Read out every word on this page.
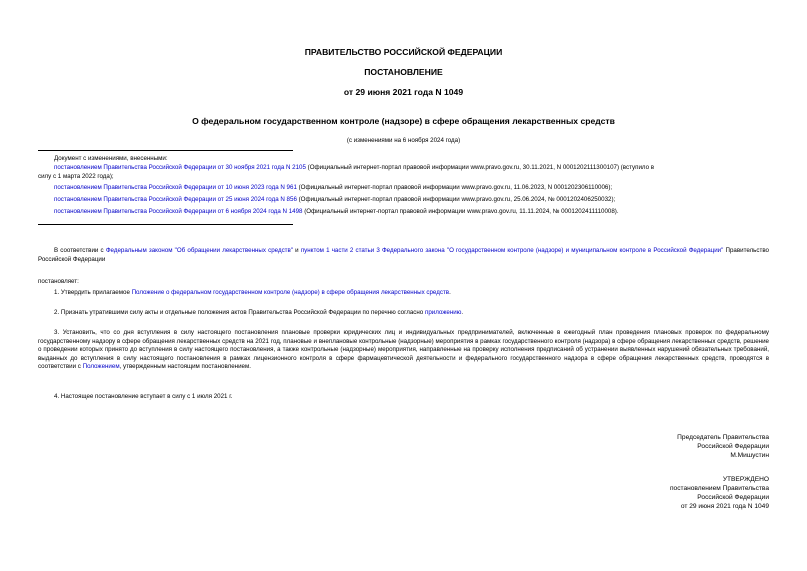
ПРАВИТЕЛЬСТВО РОССИЙСКОЙ ФЕДЕРАЦИИ
ПОСТАНОВЛЕНИЕ
от 29 июня 2021 года N 1049
О федеральном государственном контроле (надзоре) в сфере обращения лекарственных средств
(с изменениями на 6 ноября 2024 года)
Документ с изменениями, внесенными:
постановлением Правительства Российской Федерации от 30 ноября 2021 года N 2105 (Официальный интернет-портал правовой информации www.pravo.gov.ru, 30.11.2021, N 0001202111300107) (вступило в
силу с 1 марта 2022 года);
постановлением Правительства Российской Федерации от 10 июня 2023 года N 961 (Официальный интернет-портал правовой информации www.pravo.gov.ru, 11.06.2023, N 0001202306110006);
постановлением Правительства Российской Федерации от 25 июня 2024 года N 856 (Официальный интернет-портал правовой информации www.pravo.gov.ru, 25.06.2024, № 0001202406250032);
постановлением Правительства Российской Федерации от 6 ноября 2024 года N 1498 (Официальный интернет-портал правовой информации www.pravo.gov.ru, 11.11.2024, № 0001202411110008).
В соответствии с Федеральным законом "Об обращении лекарственных средств" и пунктом 1 части 2 статьи 3 Федерального закона "О государственном контроле (надзоре) и муниципальном контроле в Российской Федерации" Правительство Российской Федерации
постановляет:
1. Утвердить прилагаемое Положение о федеральном государственном контроле (надзоре) в сфере обращения лекарственных средств.
2. Признать утратившими силу акты и отдельные положения актов Правительства Российской Федерации по перечню согласно приложению.
3. Установить, что со дня вступления в силу настоящего постановления плановые проверки юридических лиц и индивидуальных предпринимателей, включенные в ежегодный план проведения плановых проверок по федеральному государственному надзору в сфере обращения лекарственных средств на 2021 год, плановые и внеплановые контрольные (надзорные) мероприятия в рамках государственного контроля (надзора) в сфере обращения лекарственных средств, решение о проведении которых принято до вступления в силу настоящего постановления, а также контрольные (надзорные) мероприятия, направленные на проверку исполнения предписаний об устранении выявленных нарушений обязательных требований, выданных до вступления в силу настоящего постановления в рамках лицензионного контроля в сфере фармацевтической деятельности и федерального государственного надзора в сфере обращения лекарственных средств, проводятся в соответствии с Положением, утвержденным настоящим постановлением.
4. Настоящее постановление вступает в силу с 1 июля 2021 г.
Председатель Правительства
Российской Федерации
М.Мишустин
УТВЕРЖДЕНО
постановлением Правительства
Российской Федерации
от 29 июня 2021 года N 1049
